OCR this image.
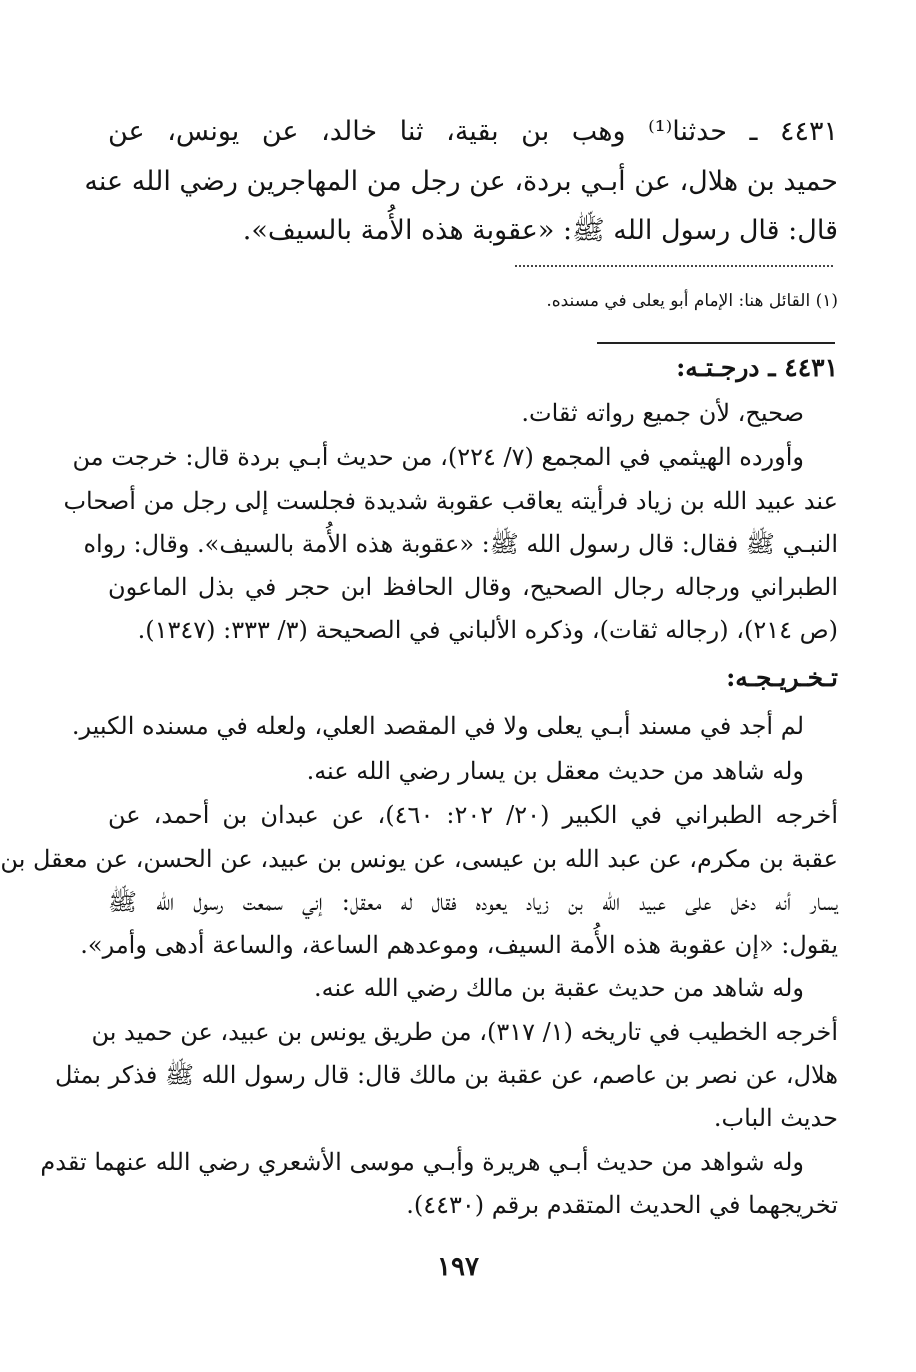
٤٤٣١ ـ حدثنا⁽¹⁾ وهب بن بقية، ثنا خالد، عن يونس، عن
حميد بن هلال، عن أبـي بردة، عن رجل من المهاجرين رضي الله عنه
قال: قال رسول الله ﷺ: «عقوبة هذه الأُمة بالسيف».
(١) القائل هنا: الإمام أبو يعلى في مسنده.
٤٤٣١ ـ درجـتـه:
صحيح، لأن جميع رواته ثقات.
وأورده الهيثمي في المجمع (٧/ ٢٢٤)، من حديث أبـي بردة قال: خرجت من
عند عبيد الله بن زياد فرأيته يعاقب عقوبة شديدة فجلست إلى رجل من أصحاب
النبـي ﷺ فقال: قال رسول الله ﷺ: «عقوبة هذه الأُمة بالسيف». وقال: رواه
الطبراني ورجاله رجال الصحيح، وقال الحافظ ابن حجر في بذل الماعون
(ص ٢١٤)، (رجاله ثقات)، وذكره الألباني في الصحيحة (٣/ ٣٣٣: (١٣٤٧).
تـخـريـجـه:
لم أجد في مسند أبـي يعلى ولا في المقصد العلي، ولعله في مسنده الكبير.
وله شاهد من حديث معقل بن يسار رضي الله عنه.
أخرجه الطبراني في الكبير (٢٠/ ٢٠٢: ٤٦٠)، عن عبدان بن أحمد، عن
عقبة بن مكرم، عن عبد الله بن عيسى، عن يونس بن عبيد، عن الحسن، عن معقل بن
يسار أنه دخل على عبيد الله بن زياد يعوده فقال له معقل: إني سمعت رسول الله ﷺ
يقول: «إن عقوبة هذه الأُمة السيف، وموعدهم الساعة، والساعة أدهى وأمر».
وله شاهد من حديث عقبة بن مالك رضي الله عنه.
أخرجه الخطيب في تاريخه (١/ ٣١٧)، من طريق يونس بن عبيد، عن حميد بن
هلال، عن نصر بن عاصم، عن عقبة بن مالك قال: قال رسول الله ﷺ فذكر بمثل
حديث الباب.
وله شواهد من حديث أبـي هريرة وأبـي موسى الأشعري رضي الله عنهما تقدم
تخريجهما في الحديث المتقدم برقم (٤٤٣٠).
١٩٧
